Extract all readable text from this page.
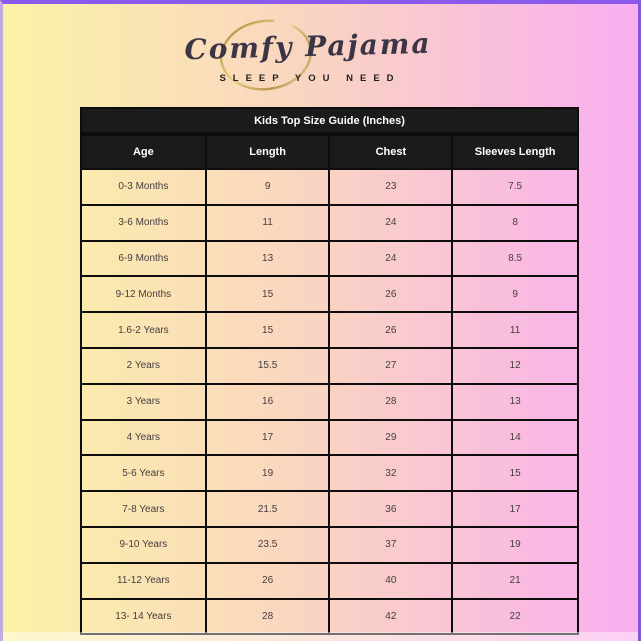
Comfy Pajama
SLEEP YOU NEED
Kids Top Size Guide (Inches)
Age	Length	Chest	Sleeves Length
0-3 Months	9	23	7.5
3-6 Months	11	24	8
6-9 Months	13	24	8.5
9-12 Months	15	26	9
1.6-2 Years	15	26	11
2 Years	15.5	27	12
3 Years	16	28	13
4 Years	17	29	14
5-6 Years	19	32	15
7-8 Years	21.5	36	17
9-10 Years	23.5	37	19
11-12 Years	26	40	21
13- 14 Years	28	42	22
